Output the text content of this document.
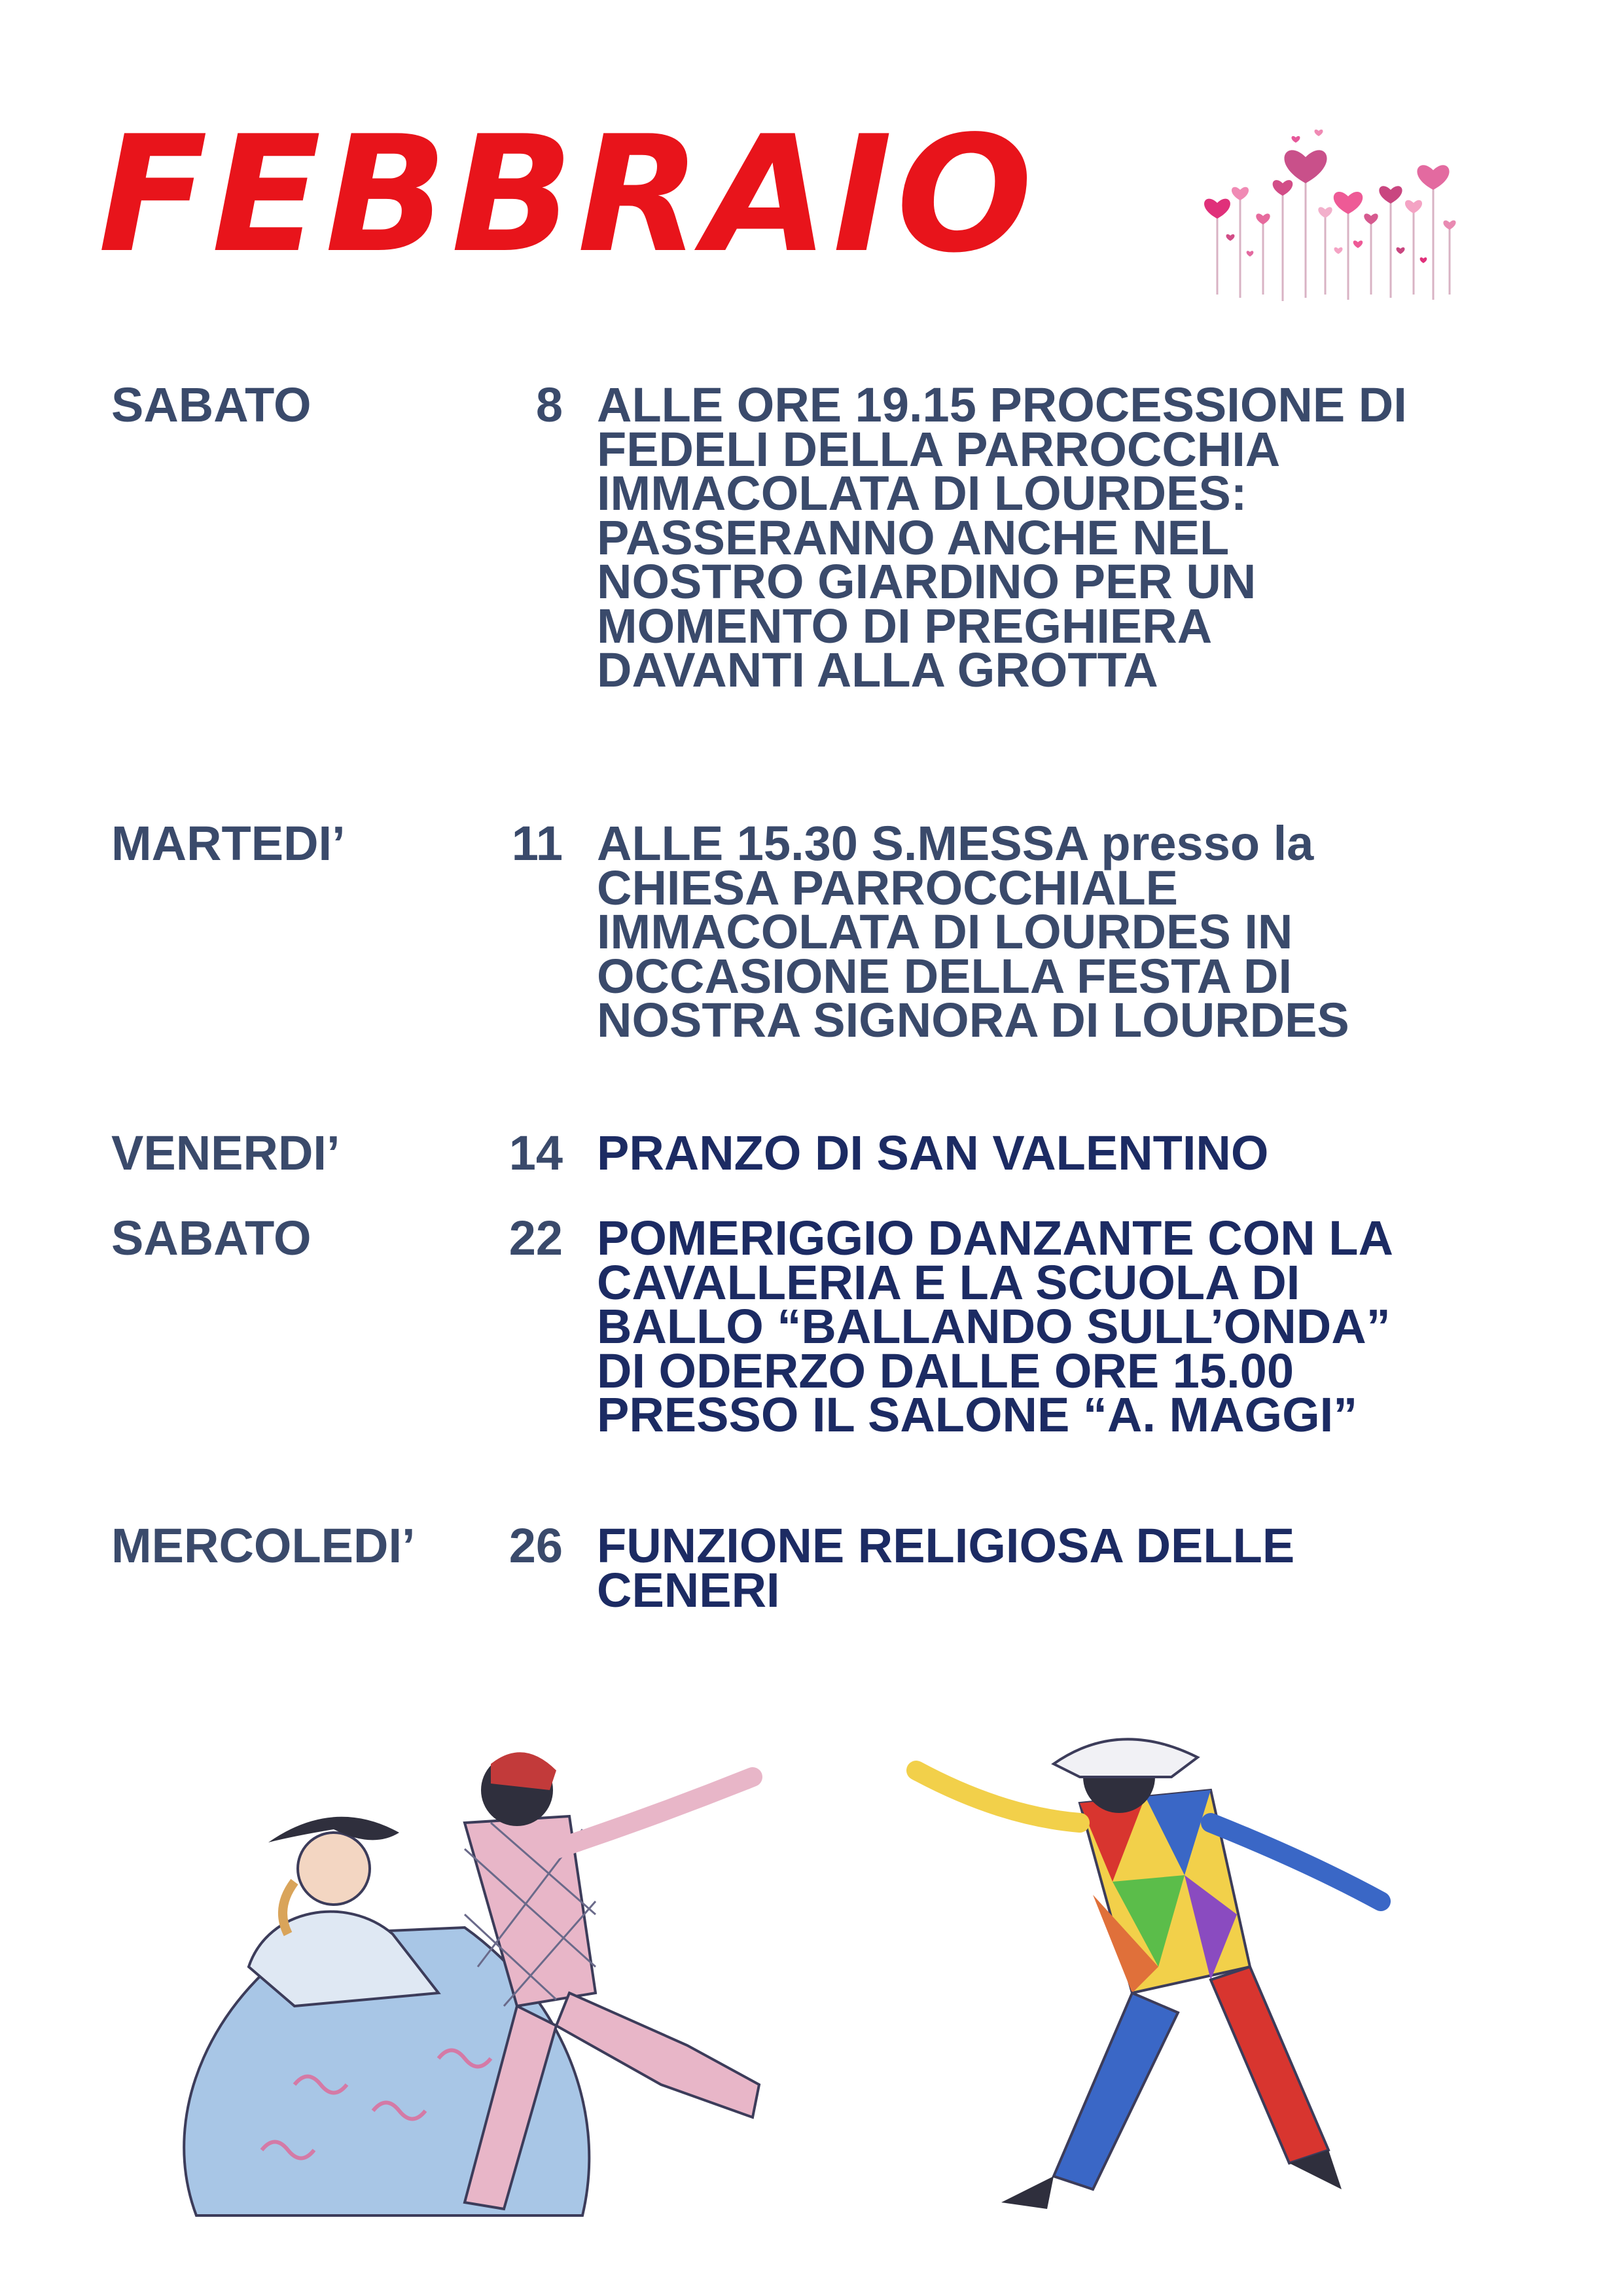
FEBBRAIO
SABATO	8 ALLE ORE 19.15 PROCESSIONE DI
FEDELI DELLA PARROCCHIA
IMMACOLATA DI LOURDES:
PASSERANNO ANCHE NEL
NOSTRO GIARDINO PER UN
MOMENTO DI PREGHIERA
DAVANTI ALLA GROTTA
MARTEDI’	11 ALLE 15.30 S.MESSA presso la
CHIESA PARROCCHIALE
IMMACOLATA DI LOURDES IN
OCCASIONE DELLA FESTA DI
NOSTRA SIGNORA DI LOURDES
VENERDI’	14 PRANZO DI SAN VALENTINO
SABATO	22 POMERIGGIO DANZANTE CON LA
CAVALLERIA E LA SCUOLA DI
BALLO “BALLANDO SULL’ONDA”
DI ODERZO DALLE ORE 15.00
PRESSO IL SALONE “A. MAGGI”
MERCOLEDI’	26 FUNZIONE RELIGIOSA DELLE
CENERI
